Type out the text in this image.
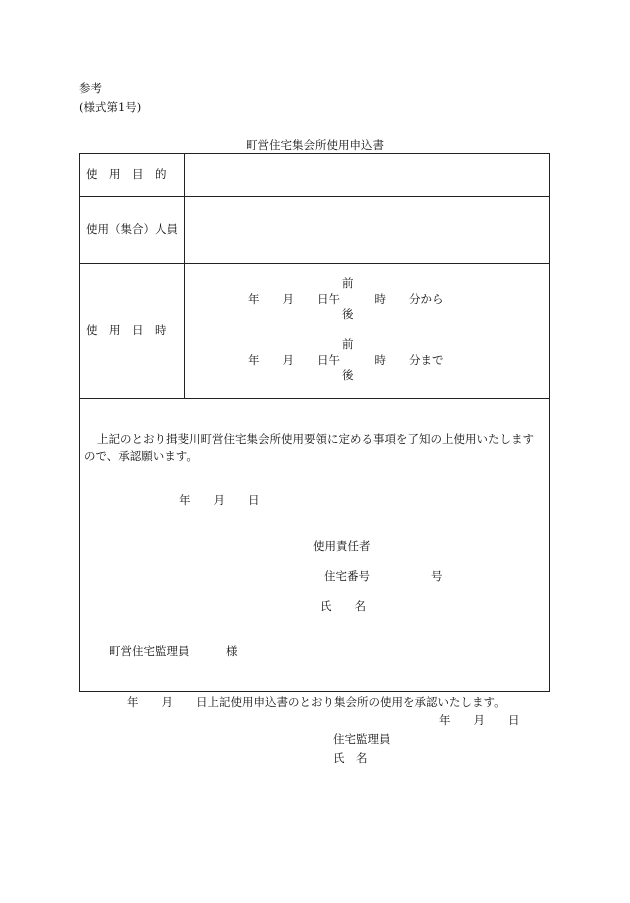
参考
(様式第1号)
町営住宅集会所使用申込書
使　用　目　的
使用（集合）人員
使　用　日　時
前
年　　月　　日午　　　時　　分から
後
前
年　　月　　日午　　　時　　分まで
後
上記のとおり揖斐川町営住宅集会所使用要領に定める事項を了知の上使用いたします
ので、承認願います。
年　　月　　日
使用責任者
住宅番号	号
氏　　名
町営住宅監理員	様
年　　月　　日上記使用申込書のとおり集会所の使用を承認いたします。
年　　月　　日
住宅監理員
氏　名
